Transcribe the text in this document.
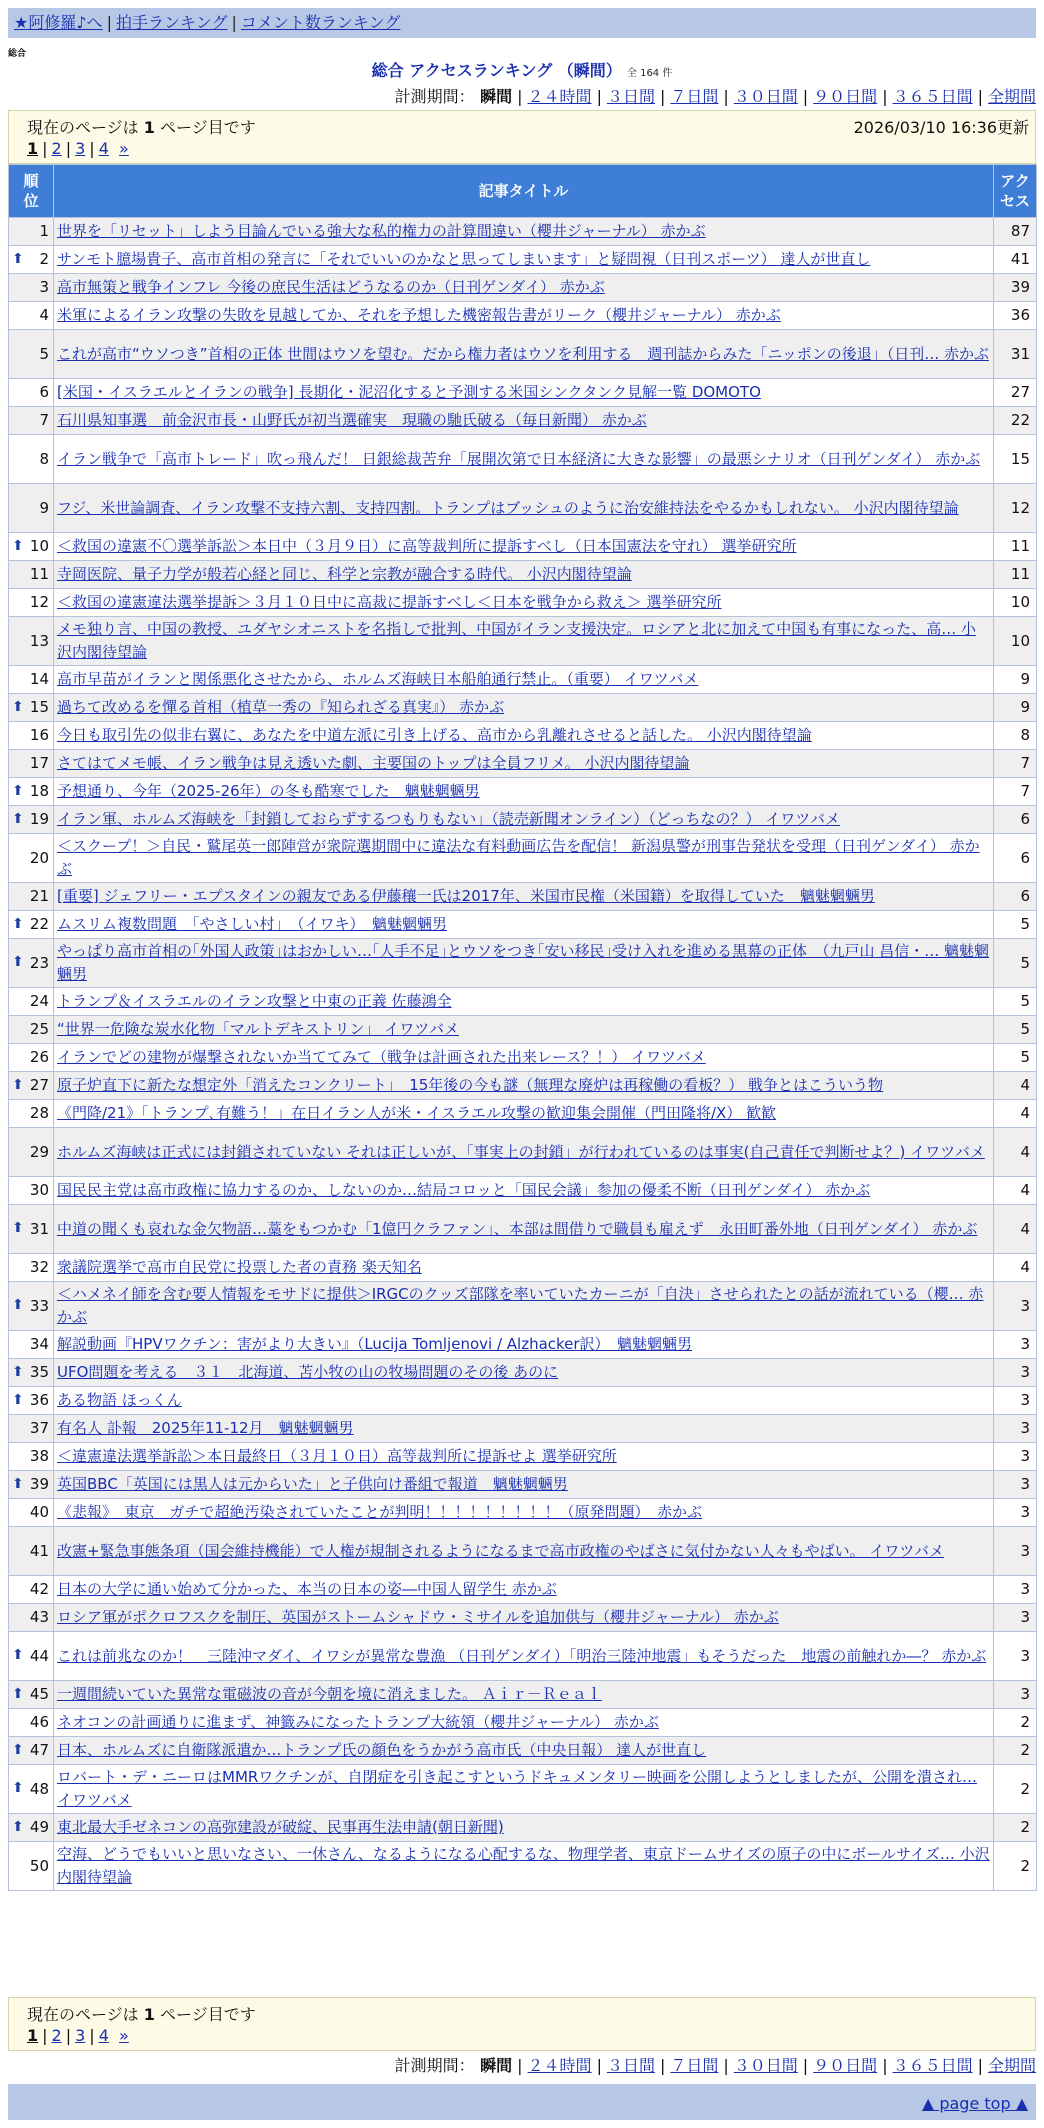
★阿修羅♪へ | 拍手ランキング | コメント数ランキング
総合
総合 アクセスランキング （瞬間） 全 164 件
計測期間： 瞬間 | ２４時間 | ３日間 | ７日間 | ３０日間 | ９０日間 | ３６５日間 | 全期間
現在のページは 1 ページ目です	2026/03/10 16:36更新
1 | 2 | 3 | 4 »
順位	記事タイトル	アクセス
1	世界を「リセット」しよう目論んでいる強大な私的権力の計算間違い（櫻井ジャーナル） 赤かぶ	87

⬆ 2	サンモト臆場貴子、高市首相の発言に「それでいいのかなと思ってしまいます」と疑問視（日刊スポーツ） 達人が世直し	41
3	高市無策と戦争インフレ 今後の庶民生活はどうなるのか（日刊ゲンダイ） 赤かぶ	39
4	米軍によるイラン攻撃の失敗を見越してか、それを予想した機密報告書がリーク（櫻井ジャーナル） 赤かぶ	36
5	これが高市“ウソつき”首相の正体 世間はウソを望む。だから権力者はウソを利用する　週刊誌からみた「ニッポンの後退」（日刊… 赤かぶ	31
6	[米国・イスラエルとイランの戦争] 長期化・泥沼化すると予測する米国シンクタンク見解一覧 DOMOTO	27
7	石川県知事選　前金沢市長・山野氏が初当選確実　現職の馳氏破る（毎日新聞） 赤かぶ	22
8	イラン戦争で「高市トレード」吹っ飛んだ！ 日銀総裁苦弁「展開次第で日本経済に大きな影響」の最悪シナリオ（日刊ゲンダイ） 赤かぶ	15
9	フジ、米世論調査、イラン攻撃不支持六割、支持四割。トランプはブッシュのように治安維持法をやるかもしれない。 小沢内閣待望論	12

⬆ 10	＜救国の違憲不〇選挙訴訟＞本日中（３月９日）に高等裁判所に提訴すべし（日本国憲法を守れ） 選挙研究所	11
11	寺岡医院、量子力学が般若心経と同じ、科学と宗教が融合する時代。 小沢内閣待望論	11
12	＜救国の違憲違法選挙提訴＞３月１０日中に高裁に提訴すべし＜日本を戦争から救え＞ 選挙研究所	10
13	メモ独り言、中国の教授、ユダヤシオニストを名指しで批判、中国がイラン支援決定。ロシアと北に加えて中国も有事になった、高… 小沢内閣待望論	10
14	高市早苗がイランと関係悪化させたから、ホルムズ海峡日本船舶通行禁止。（重要） イワツバメ	9

⬆ 15	過ちて改めるを憚る首相（植草一秀の『知られざる真実』） 赤かぶ	9
16	今日も取引先の似非右翼に、あなたを中道左派に引き上げる、高市から乳離れさせると話した。 小沢内閣待望論	8
17	さてはてメモ帳、イラン戦争は見え透いた劇、主要国のトップは全員フリメ。 小沢内閣待望論	7

⬆ 18	予想通り、今年（2025-26年）の冬も酷寒でした　魑魅魍魎男	7

⬆ 19	イラン軍、ホルムズ海峡を「封鎖しておらずするつもりもない」（読売新聞オンライン）（どっちなの？） イワツバメ	6
20	＜スクープ！＞自民・鷲尾英一郎陣営が衆院選期間中に違法な有料動画広告を配信！ 新潟県警が刑事告発状を受理（日刊ゲンダイ） 赤かぶ	6
21	[重要] ジェフリー・エプスタインの親友である伊藤穰一氏は2017年、米国市民権（米国籍）を取得していた　魑魅魍魎男	6

⬆ 22	ムスリム複数問題　「やさしい村」　（イワキ）　魑魅魍魎男	5

⬆ 23	やっぱり高市首相の｢外国人政策｣はおかしい…｢人手不足｣とウソをつき｢安い移民｣受け入れを進める黒幕の正体　（九戸山 昌信・… 魑魅魍魎男	5
24	トランプ＆イスラエルのイラン攻撃と中東の正義 佐藤鴻全	5
25	“世界一危険な炭水化物「マルトデキストリン」 イワツバメ	5
26	イランでどの建物が爆撃されないか当ててみて（戦争は計画された出来レース？！） イワツバメ	5

⬆ 27	原子炉直下に新たな想定外「消えたコンクリート」　15年後の今も謎（無理な廃炉は再稼働の看板？） 戦争とはこういう物	4
28	《門降/21》「トランプ､有難う！」在日イラン人が米・イスラエル攻撃の歓迎集会開催（門田隆将/X） 歓歓	4
29	ホルムズ海峡は正式には封鎖されていない それは正しいが、「事実上の封鎖」が行われているのは事実(自己責任で判断せよ？) イワツバメ	4
30	国民民主党は高市政権に協力するのか、しないのか…結局コロッと「国民会議」参加の優柔不断（日刊ゲンダイ） 赤かぶ	4

⬆ 31	中道の聞くも哀れな金欠物語…藁をもつかむ「1億円クラファン」、本部は間借りで職員も雇えず　永田町番外地（日刊ゲンダイ） 赤かぶ	4
32	衆議院選挙で高市自民党に投票した者の責務 楽天知名	4

⬆ 33	＜ハメネイ師を含む要人情報をモサドに提供＞IRGCのクッズ部隊を率いていたカーニが「自決」させられたとの話が流れている（櫻… 赤かぶ	3
34	解説動画『HPVワクチン：害がより大きい』（Lucija Tomljenovi / Alzhacker訳）　魑魅魍魎男	3

⬆ 35	UFO問題を考える　３１　北海道、苫小牧の山の牧場問題のその後 あのに	3

⬆ 36	ある物語 ほっくん	3
37	有名人 訃報　2025年11-12月　魑魅魍魎男	3
38	＜違憲違法選挙訴訟＞本日最終日（３月１０日）高等裁判所に提訴せよ 選挙研究所	3

⬆ 39	英国BBC「英国には黒人は元からいた」と子供向け番組で報道　魑魅魍魎男	3
40	《悲報》　東京　ガチで超絶汚染されていたことが判明！！！！！！！！！（原発問題）　赤かぶ	3
41	改憲+緊急事態条項（国会維持機能）で人権が規制されるようになるまで高市政権のやばさに気付かない人々もやばい。 イワツバメ	3
42	日本の大学に通い始めて分かった、本当の日本の姿―中国人留学生 赤かぶ	3
43	ロシア軍がポクロフスクを制圧、英国がストームシャドウ・ミサイルを追加供与（櫻井ジャーナル） 赤かぶ	3

⬆ 44	これは前兆なのか！　三陸沖マダイ、イワシが異常な豊漁 （日刊ゲンダイ）「明治三陸沖地震」もそうだった　地震の前触れか―？ 赤かぶ	3

⬆ 45	一週間続いていた異常な電磁波の音が今朝を境に消えました。 Ａｉｒ－Ｒｅａｌ	3
46	ネオコンの計画通りに進まず、神籤みになったトランプ大統領（櫻井ジャーナル） 赤かぶ	2

⬆ 47	日本、ホルムズに自衛隊派遣か…トランプ氏の顔色をうかがう高市氏（中央日報） 達人が世直し	2

⬆ 48	ロバート・デ・ニーロはMMRワクチンが、自閉症を引き起こすというドキュメンタリー映画を公開しようとしましたが、公開を潰され… イワツバメ	2

⬆ 49	東北最大手ゼネコンの高弥建設が破綻、民事再生法申請(朝日新聞)	2
50	空海、どうでもいいと思いなさい、一休さん、なるようになる心配するな、物理学者、東京ドームサイズの原子の中にボールサイズ… 小沢内閣待望論	2
現在のページは 1 ページ目です
1 | 2 | 3 | 4 »
計測期間： 瞬間 | ２４時間 | ３日間 | ７日間 | ３０日間 | ９０日間 | ３６５日間 | 全期間
▲ page top ▲
